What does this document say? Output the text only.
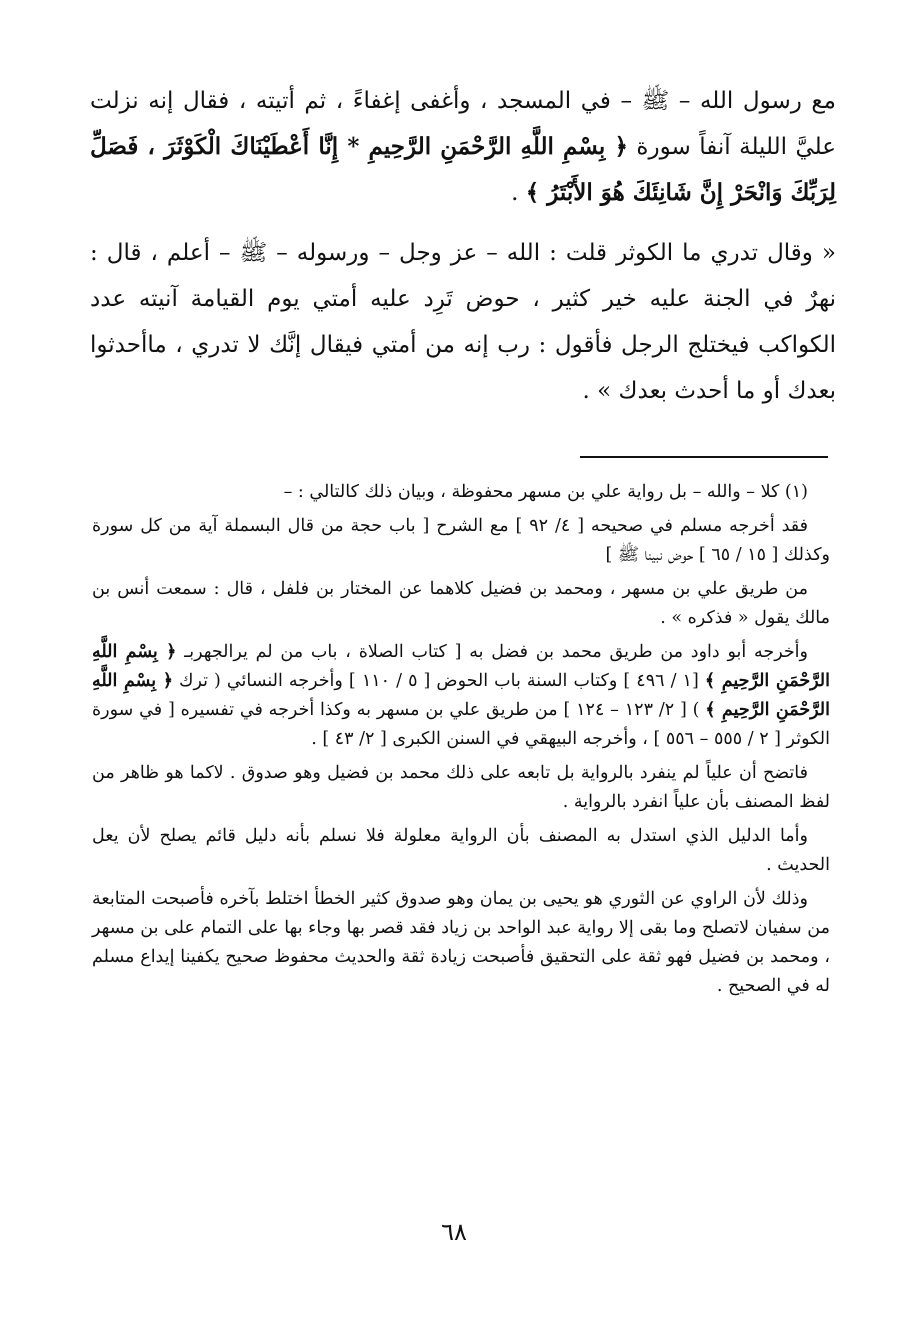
مع رسول الله – ﷺ – في المسجد ، وأغفى إغفاءً ، ثم أتيته ، فقال إنه نزلت عليَّ الليلة آنفاً سورة ﴿ بِسْمِ اللَّهِ الرَّحْمَنِ الرَّحِيمِ * إِنَّا أَعْطَيْنَاكَ الْكَوْثَرَ ، فَصَلِّ لِرَبِّكَ وَانْحَرْ إِنَّ شَانِئَكَ هُوَ الأَبْتَرُ ﴾ .

« وقال تدري ما الكوثر قلت : الله – عز وجل – ورسوله – ﷺ – أعلم ، قال : نهرٌ في الجنة عليه خير كثير ، حوض تَرِد عليه أمتي يوم القيامة آنيته عدد الكواكب فيختلج الرجل فأقول : رب إنه من أمتي فيقال إنَّك لا تدري ، ماأحدثوا بعدك أو ما أحدث بعدك » .

(١) كلا – والله – بل رواية علي بن مسهر محفوظة ، وبيان ذلك كالتالي : –

فقد أخرجه مسلم في صحيحه [ ٤/ ٩٢ ] مع الشرح [ باب حجة من قال البسملة آية من كل سورة وكذلك [ ١٥ / ٦٥ ] حوض نبينا ﷺ ]

من طريق علي بن مسهر ، ومحمد بن فضيل كلاهما عن المختار بن فلفل ، قال : سمعت أنس بن مالك يقول « فذكره » .

وأخرجه أبو داود من طريق محمد بن فضل به [ كتاب الصلاة ، باب من لم يرالجهربـ ﴿ بِسْمِ اللَّهِ الرَّحْمَنِ الرَّحِيمِ ﴾ [١ / ٤٩٦ ] وكتاب السنة باب الحوض [ ٥ / ١١٠ ] وأخرجه النسائي ( ترك ﴿ بِسْمِ اللَّهِ الرَّحْمَنِ الرَّحِيمِ ﴾ ) [ ٢/ ١٢٣ – ١٢٤ ] من طريق علي بن مسهر به وكذا أخرجه في تفسيره [ في سورة الكوثر [ ٢ / ٥٥٥ – ٥٥٦ ] ، وأخرجه البيهقي في السنن الكبرى [ ٢/ ٤٣ ] .

فاتضح أن علياً لم ينفرد بالرواية بل تابعه على ذلك محمد بن فضيل وهو صدوق . لاكما هو ظاهر من لفظ المصنف بأن علياً انفرد بالرواية .

وأما الدليل الذي استدل به المصنف بأن الرواية معلولة فلا نسلم بأنه دليل قائم يصلح لأن يعل الحديث .

وذلك لأن الراوي عن الثوري هو يحيى بن يمان وهو صدوق كثير الخطأ اختلط بآخره فأصبحت المتابعة من سفيان لاتصلح وما بقى إلا رواية عبد الواحد بن زياد فقد قصر بها وجاء بها على التمام على بن مسهر ، ومحمد بن فضيل فهو ثقة على التحقيق فأصبحت زيادة ثقة والحديث محفوظ صحيح يكفينا إيداع مسلم له في الصحيح .

٦٨
